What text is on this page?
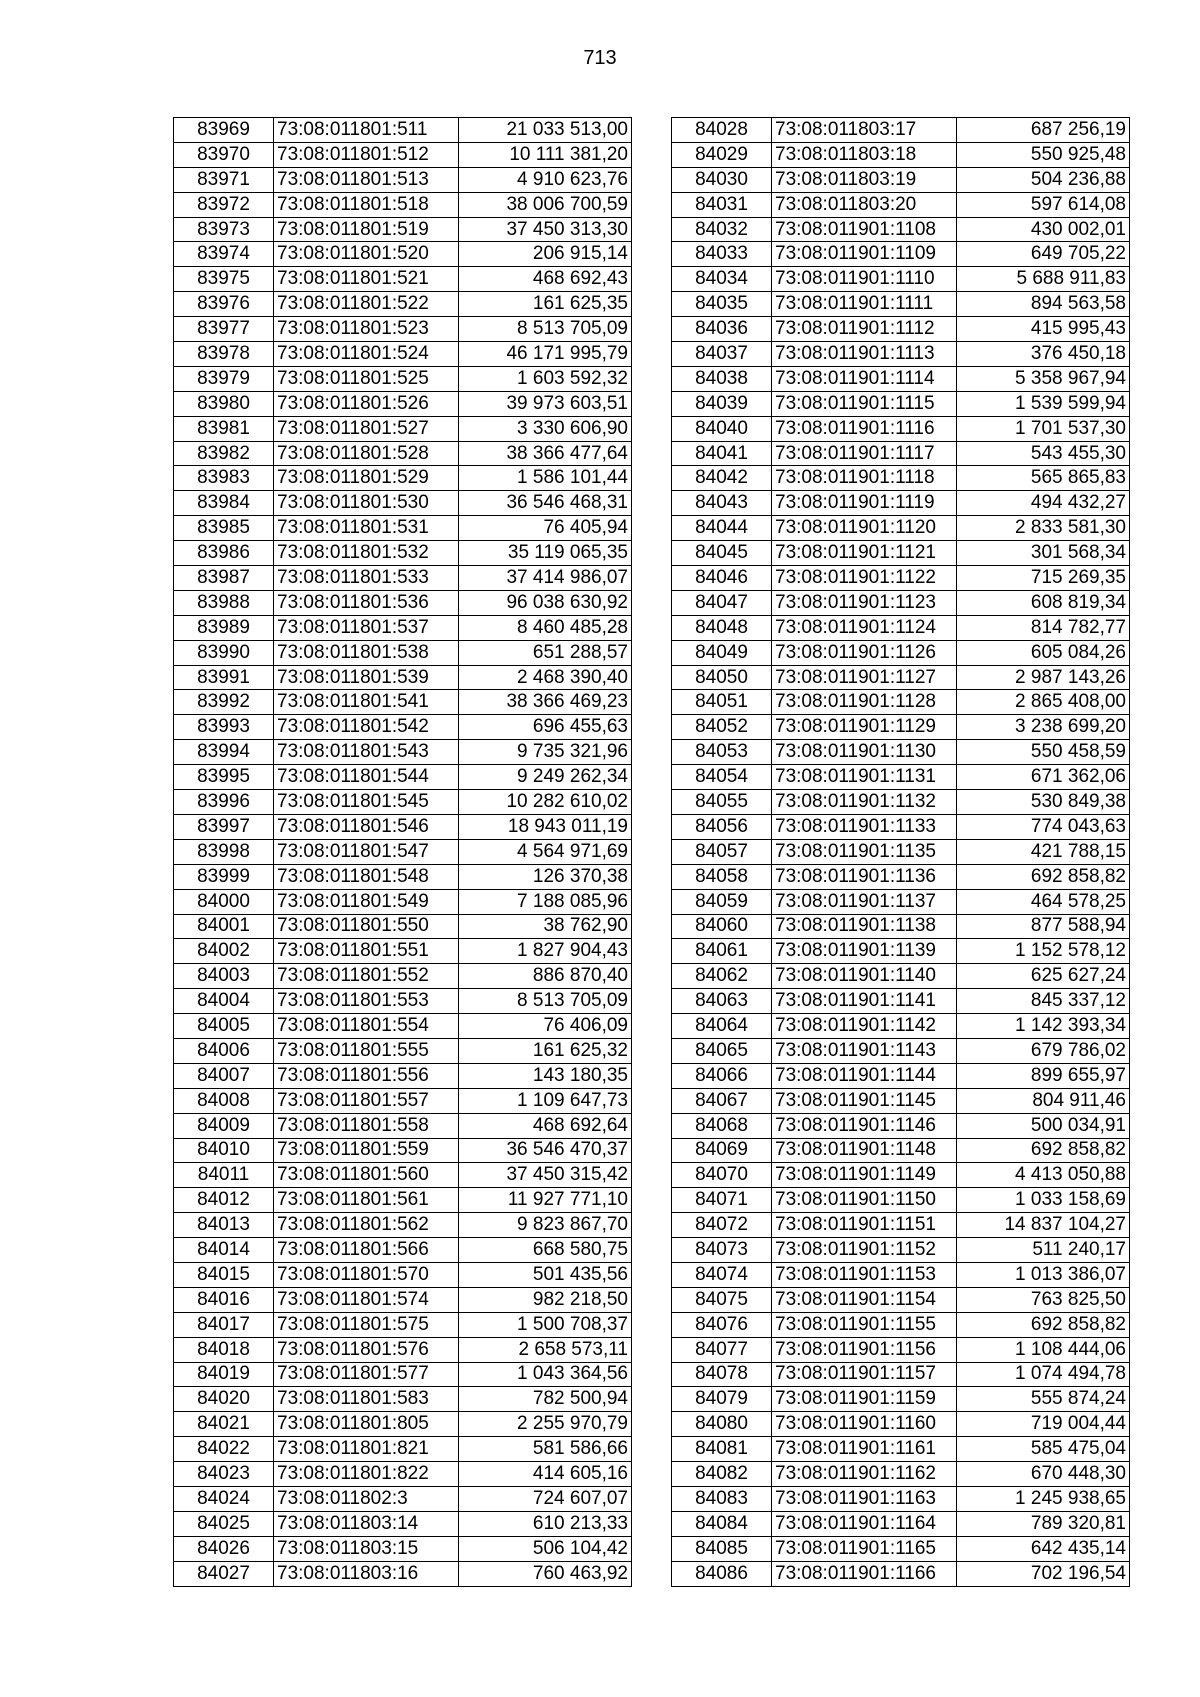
713
83969	73:08:011801:511	21 033 513,00
83970	73:08:011801:512	10 111 381,20
83971	73:08:011801:513	4 910 623,76
83972	73:08:011801:518	38 006 700,59
83973	73:08:011801:519	37 450 313,30
83974	73:08:011801:520	206 915,14
83975	73:08:011801:521	468 692,43
83976	73:08:011801:522	161 625,35
83977	73:08:011801:523	8 513 705,09
83978	73:08:011801:524	46 171 995,79
83979	73:08:011801:525	1 603 592,32
83980	73:08:011801:526	39 973 603,51
83981	73:08:011801:527	3 330 606,90
83982	73:08:011801:528	38 366 477,64
83983	73:08:011801:529	1 586 101,44
83984	73:08:011801:530	36 546 468,31
83985	73:08:011801:531	76 405,94
83986	73:08:011801:532	35 119 065,35
83987	73:08:011801:533	37 414 986,07
83988	73:08:011801:536	96 038 630,92
83989	73:08:011801:537	8 460 485,28
83990	73:08:011801:538	651 288,57
83991	73:08:011801:539	2 468 390,40
83992	73:08:011801:541	38 366 469,23
83993	73:08:011801:542	696 455,63
83994	73:08:011801:543	9 735 321,96
83995	73:08:011801:544	9 249 262,34
83996	73:08:011801:545	10 282 610,02
83997	73:08:011801:546	18 943 011,19
83998	73:08:011801:547	4 564 971,69
83999	73:08:011801:548	126 370,38
84000	73:08:011801:549	7 188 085,96
84001	73:08:011801:550	38 762,90
84002	73:08:011801:551	1 827 904,43
84003	73:08:011801:552	886 870,40
84004	73:08:011801:553	8 513 705,09
84005	73:08:011801:554	76 406,09
84006	73:08:011801:555	161 625,32
84007	73:08:011801:556	143 180,35
84008	73:08:011801:557	1 109 647,73
84009	73:08:011801:558	468 692,64
84010	73:08:011801:559	36 546 470,37
84011	73:08:011801:560	37 450 315,42
84012	73:08:011801:561	11 927 771,10
84013	73:08:011801:562	9 823 867,70
84014	73:08:011801:566	668 580,75
84015	73:08:011801:570	501 435,56
84016	73:08:011801:574	982 218,50
84017	73:08:011801:575	1 500 708,37
84018	73:08:011801:576	2 658 573,11
84019	73:08:011801:577	1 043 364,56
84020	73:08:011801:583	782 500,94
84021	73:08:011801:805	2 255 970,79
84022	73:08:011801:821	581 586,66
84023	73:08:011801:822	414 605,16
84024	73:08:011802:3	724 607,07
84025	73:08:011803:14	610 213,33
84026	73:08:011803:15	506 104,42
84027	73:08:011803:16	760 463,92
84028	73:08:011803:17	687 256,19
84029	73:08:011803:18	550 925,48
84030	73:08:011803:19	504 236,88
84031	73:08:011803:20	597 614,08
84032	73:08:011901:1108	430 002,01
84033	73:08:011901:1109	649 705,22
84034	73:08:011901:1110	5 688 911,83
84035	73:08:011901:1111	894 563,58
84036	73:08:011901:1112	415 995,43
84037	73:08:011901:1113	376 450,18
84038	73:08:011901:1114	5 358 967,94
84039	73:08:011901:1115	1 539 599,94
84040	73:08:011901:1116	1 701 537,30
84041	73:08:011901:1117	543 455,30
84042	73:08:011901:1118	565 865,83
84043	73:08:011901:1119	494 432,27
84044	73:08:011901:1120	2 833 581,30
84045	73:08:011901:1121	301 568,34
84046	73:08:011901:1122	715 269,35
84047	73:08:011901:1123	608 819,34
84048	73:08:011901:1124	814 782,77
84049	73:08:011901:1126	605 084,26
84050	73:08:011901:1127	2 987 143,26
84051	73:08:011901:1128	2 865 408,00
84052	73:08:011901:1129	3 238 699,20
84053	73:08:011901:1130	550 458,59
84054	73:08:011901:1131	671 362,06
84055	73:08:011901:1132	530 849,38
84056	73:08:011901:1133	774 043,63
84057	73:08:011901:1135	421 788,15
84058	73:08:011901:1136	692 858,82
84059	73:08:011901:1137	464 578,25
84060	73:08:011901:1138	877 588,94
84061	73:08:011901:1139	1 152 578,12
84062	73:08:011901:1140	625 627,24
84063	73:08:011901:1141	845 337,12
84064	73:08:011901:1142	1 142 393,34
84065	73:08:011901:1143	679 786,02
84066	73:08:011901:1144	899 655,97
84067	73:08:011901:1145	804 911,46
84068	73:08:011901:1146	500 034,91
84069	73:08:011901:1148	692 858,82
84070	73:08:011901:1149	4 413 050,88
84071	73:08:011901:1150	1 033 158,69
84072	73:08:011901:1151	14 837 104,27
84073	73:08:011901:1152	511 240,17
84074	73:08:011901:1153	1 013 386,07
84075	73:08:011901:1154	763 825,50
84076	73:08:011901:1155	692 858,82
84077	73:08:011901:1156	1 108 444,06
84078	73:08:011901:1157	1 074 494,78
84079	73:08:011901:1159	555 874,24
84080	73:08:011901:1160	719 004,44
84081	73:08:011901:1161	585 475,04
84082	73:08:011901:1162	670 448,30
84083	73:08:011901:1163	1 245 938,65
84084	73:08:011901:1164	789 320,81
84085	73:08:011901:1165	642 435,14
84086	73:08:011901:1166	702 196,54
